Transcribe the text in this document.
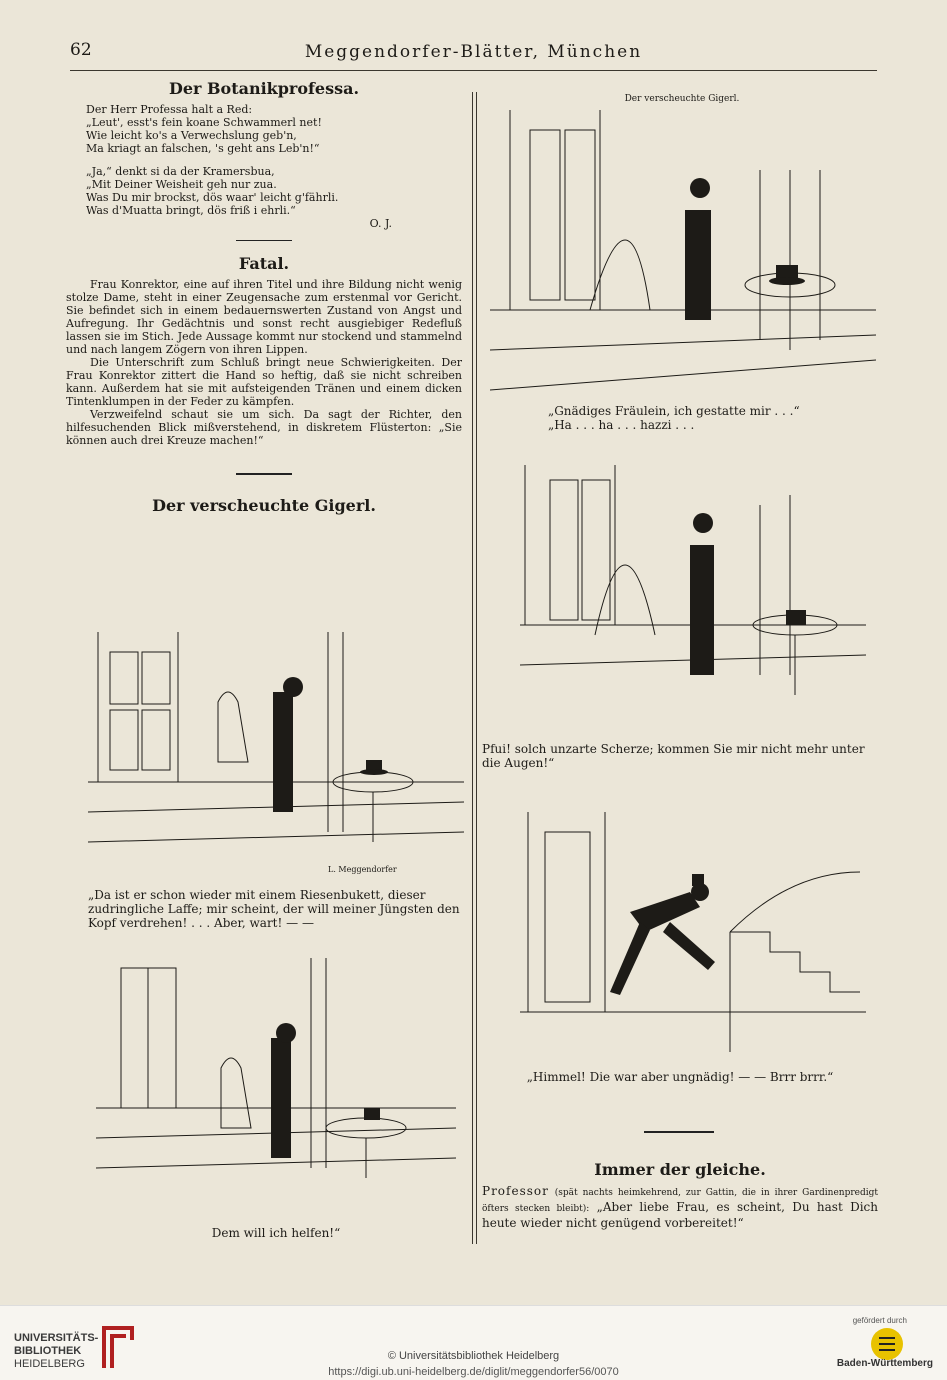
62	Meggendorfer-Blätter, München
Der Botanikprofessa.

Der Herr Professa halt a Red:

„Leut', esst's fein koane Schwammerl net!

Wie leicht ko's a Verwechslung geb'n,

Ma kriagt an falschen, 's geht ans Leb'n!“

„Ja,“ denkt si da der Kramersbua,

„Mit Deiner Weisheit geh nur zua.

Was Du mir brockst, dös waar' leicht g'fährli.

Was d'Muatta bringt, dös friß i ehrli.“

O. J.
Fatal.

Frau Konrektor, eine auf ihren Titel und ihre Bildung nicht wenig stolze Dame, steht in einer Zeugensache zum erstenmal vor Gericht. Sie befindet sich in einem bedauernswerten Zustand von Angst und Aufregung. Ihr Gedächtnis und sonst recht ausgiebiger Redefluß lassen sie im Stich. Jede Aussage kommt nur stockend und stammelnd und nach langem Zögern von ihren Lippen.

Die Unterschrift zum Schluß bringt neue Schwierigkeiten. Der Frau Konrektor zittert die Hand so heftig, daß sie nicht schreiben kann. Außerdem hat sie mit aufsteigenden Tränen und einem dicken Tintenklumpen in der Feder zu kämpfen.

Verzweifelnd schaut sie um sich. Da sagt der Richter, den hilfesuchenden Blick mißverstehend, in diskretem Flüsterton: „Sie können auch drei Kreuze machen!“

Der verscheuchte Gigerl.
L. Meggendorfer

„Da ist er schon wieder mit einem Riesenbukett, dieser zudringliche Laffe; mir scheint, der will meiner Jüngsten den Kopf verdrehen! . . . Aber, wart! — —

Dem will ich helfen!“

Der verscheuchte Gigerl.

„Gnädiges Fräulein, ich gestatte mir . . .“

„Ha . . . ha . . . hazzi . . .

Pfui! solch unzarte Scherze; kommen Sie mir nicht mehr unter die Augen!“

„Himmel! Die war aber ungnädig! — — Brrr brrr.“

Immer der gleiche.

Professor (spät nachts heimkehrend, zur Gattin, die in ihrer Gardinenpredigt öfters stecken bleibt): „Aber liebe Frau, es scheint, Du hast Dich heute wieder nicht genügend vorbereitet!“

UNIVERSITÄTS-
BIBLIOTHEK
HEIDELBERG
© Universitätsbibliothek Heidelberg
https://digi.ub.uni-heidelberg.de/diglit/meggendorfer56/0070
gefördert durch
Baden-Württemberg
